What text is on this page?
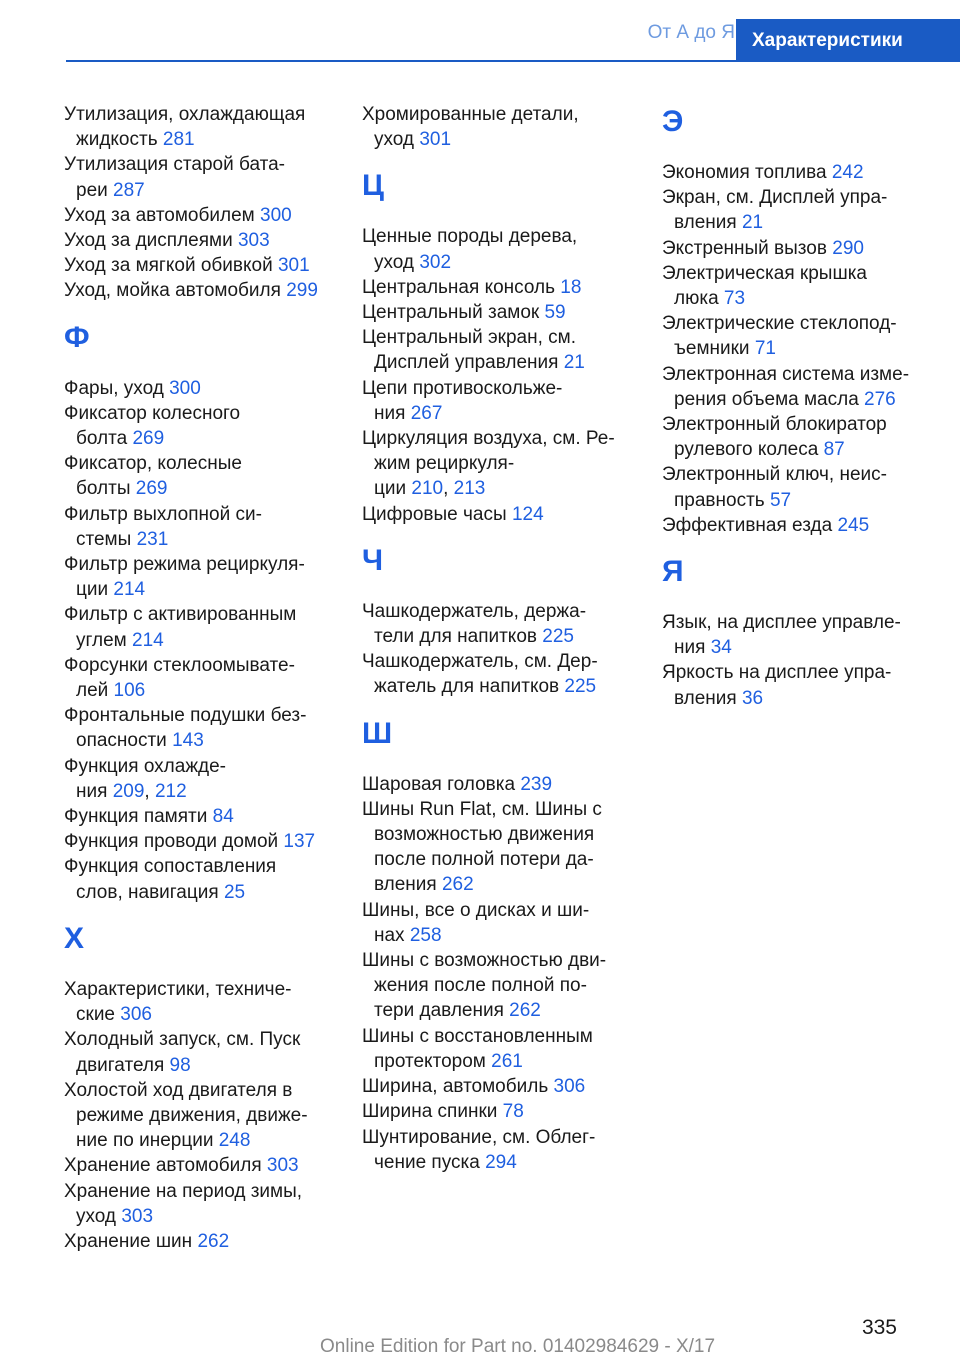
От А до Я Характеристики
Утилизация, охлаждающая
жидкость 281
Утилизация старой бата-
реи 287
Уход за автомобилем 300
Уход за дисплеями 303
Уход за мягкой обивкой 301
Уход, мойка автомобиля 299
Ф
Фары, уход 300
Фиксатор колесного
болта 269
Фиксатор, колесные
болты 269
Фильтр выхлопной си-
стемы 231
Фильтр режима рециркуля-
ции 214
Фильтр с активированным
углем 214
Форсунки стеклоомывате-
лей 106
Фронтальные подушки без-
опасности 143
Функция охлажде-
ния 209, 212
Функция памяти 84
Функция проводи домой 137
Функция сопоставления
слов, навигация 25
Х
Характеристики, техниче-
ские 306
Холодный запуск, см. Пуск
двигателя 98
Холостой ход двигателя в
режиме движения, движе-
ние по инерции 248
Хранение автомобиля 303
Хранение на период зимы,
уход 303
Хранение шин 262
Хромированные детали,
уход 301
Ц
Ценные породы дерева,
уход 302
Центральная консоль 18
Центральный замок 59
Центральный экран, см.
Дисплей управления 21
Цепи противоскольже-
ния 267
Циркуляция воздуха, см. Ре-
жим рециркуля-
ции 210, 213
Цифровые часы 124
Ч
Чашкодержатель, держа-
тели для напитков 225
Чашкодержатель, см. Дер-
жатель для напитков 225
Ш
Шаровая головка 239
Шины Run Flat, см. Шины с
возможностью движения
после полной потери да-
вления 262
Шины, все о дисках и ши-
нах 258
Шины с возможностью дви-
жения после полной по-
тери давления 262
Шины с восстановленным
протектором 261
Ширина, автомобиль 306
Ширина спинки 78
Шунтирование, см. Облег-
чение пуска 294
Э
Экономия топлива 242
Экран, см. Дисплей упра-
вления 21
Экстренный вызов 290
Электрическая крышка
люка 73
Электрические стеклопод-
ъемники 71
Электронная система изме-
рения объема масла 276
Электронный блокиратор
рулевого колеса 87
Электронный ключ, неис-
правность 57
Эффективная езда 245
Я
Язык, на дисплее управле-
ния 34
Яркость на дисплее упра-
вления 36
335
Online Edition for Part no. 01402984629 - X/17
